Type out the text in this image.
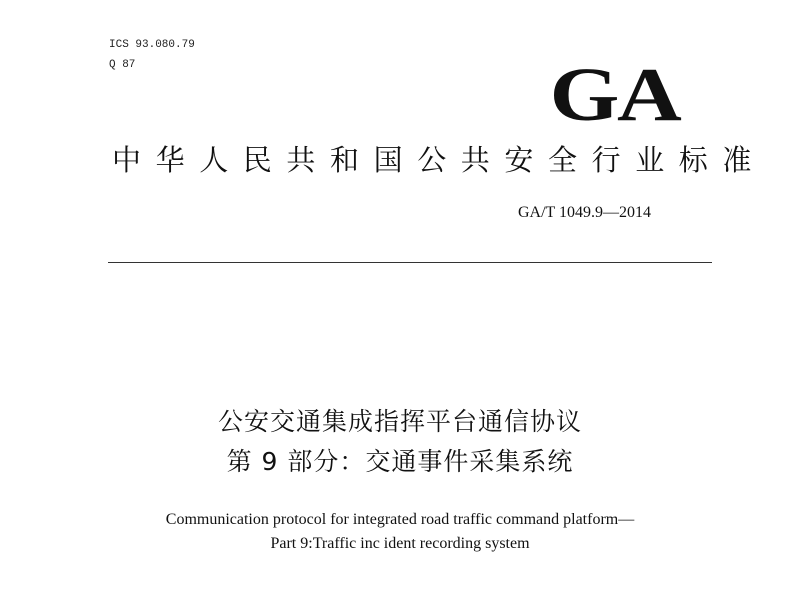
ICS 93.080.79
Q 87	GA
中华人民共和国公共安全行业标准
GA/T 1049.9—2014
公安交通集成指挥平台通信协议
第 9 部分：交通事件采集系统
Communication protocol for integrated road traffic command platform—
Part 9:Traffic inc ident recording system
